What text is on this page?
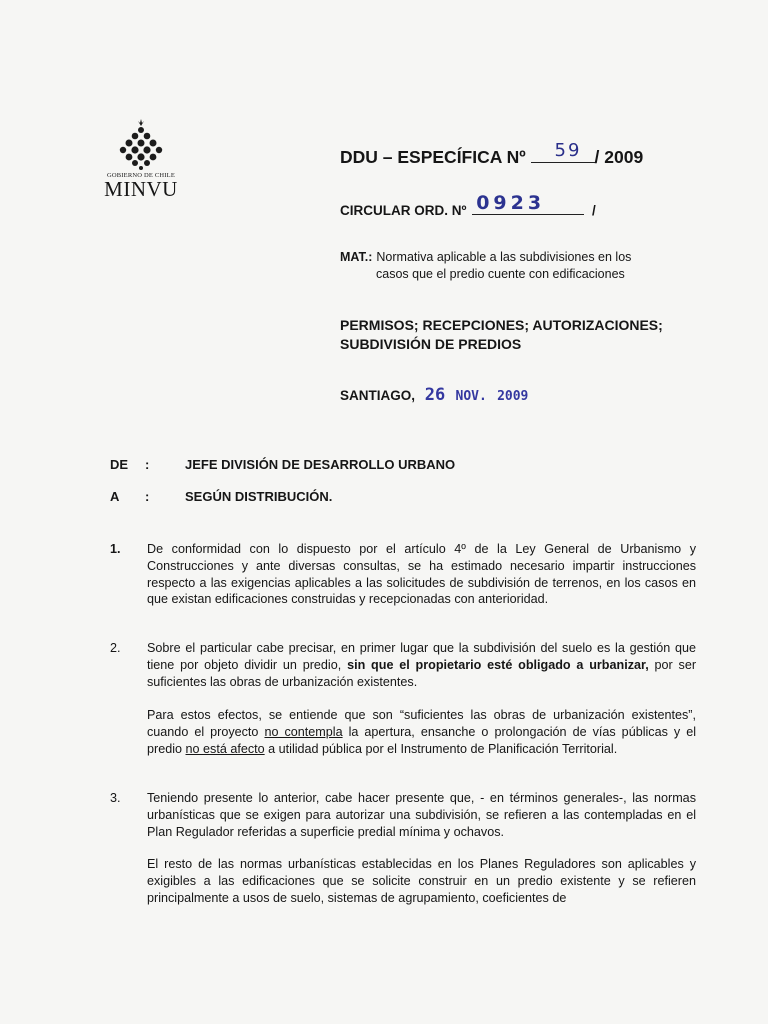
GOBIERNO DE CHILE
MINVU
DDU – ESPECÍFICA Nº 59 / 2009
CIRCULAR ORD. Nº 0923	/
MAT.: Normativa aplicable a las subdivisiones en los
casos que el predio cuente con edificaciones
PERMISOS; RECEPCIONES; AUTORIZACIONES;
SUBDIVISIÓN DE PREDIOS
SANTIAGO, 26 NOV. 2009
DE :	JEFE DIVISIÓN DE DESARROLLO URBANO
A :	SEGÚN DISTRIBUCIÓN.
1. De conformidad con lo dispuesto por el artículo 4º de la Ley General de Urbanismo y Construcciones y ante diversas consultas, se ha estimado necesario impartir instrucciones respecto a las exigencias aplicables a las solicitudes de subdivisión de terrenos, en los casos en que existan edificaciones construidas y recepcionadas con anterioridad.
2. Sobre el particular cabe precisar, en primer lugar que la subdivisión del suelo es la gestión que tiene por objeto dividir un predio, sin que el propietario esté obligado a urbanizar, por ser suficientes las obras de urbanización existentes.
Para estos efectos, se entiende que son “suficientes las obras de urbanización existentes”, cuando el proyecto no contempla la apertura, ensanche o prolongación de vías públicas y el predio no está afecto a utilidad pública por el Instrumento de Planificación Territorial.
3. Teniendo presente lo anterior, cabe hacer presente que, - en términos generales-, las normas urbanísticas que se exigen para autorizar una subdivisión, se refieren a las contempladas en el Plan Regulador referidas a superficie predial mínima y ochavos.
El resto de las normas urbanísticas establecidas en los Planes Reguladores son aplicables y exigibles a las edificaciones que se solicite construir en un predio existente y se refieren principalmente a usos de suelo, sistemas de agrupamiento, coeficientes de
